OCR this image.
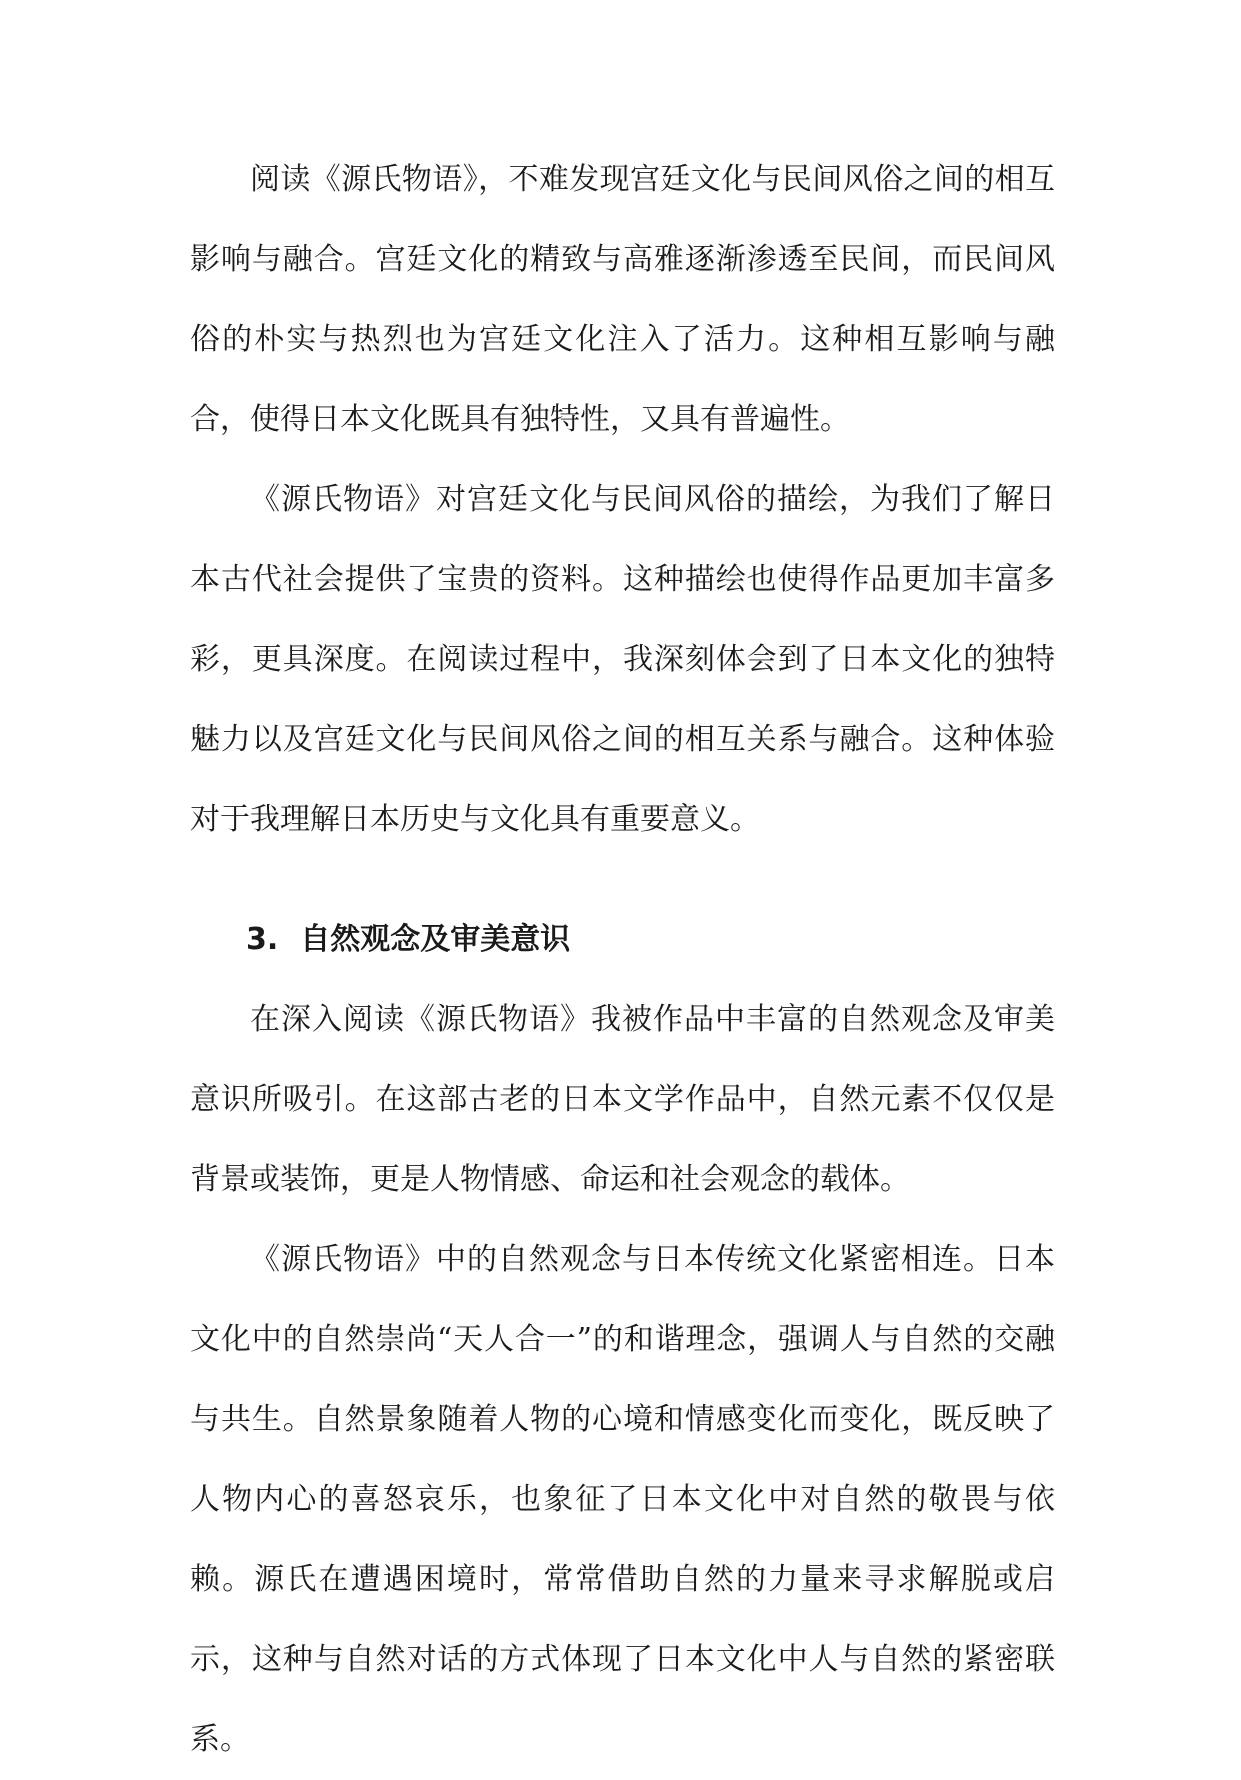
阅读《源氏物语》，不难发现宫廷文化与民间风俗之间的相互影响与融合。宫廷文化的精致与高雅逐渐渗透至民间，而民间风俗的朴实与热烈也为宫廷文化注入了活力。这种相互影响与融合，使得日本文化既具有独特性，又具有普遍性。

《源氏物语》对宫廷文化与民间风俗的描绘，为我们了解日本古代社会提供了宝贵的资料。这种描绘也使得作品更加丰富多彩，更具深度。在阅读过程中，我深刻体会到了日本文化的独特魅力以及宫廷文化与民间风俗之间的相互关系与融合。这种体验对于我理解日本历史与文化具有重要意义。

3. 自然观念及审美意识

在深入阅读《源氏物语》我被作品中丰富的自然观念及审美意识所吸引。在这部古老的日本文学作品中，自然元素不仅仅是背景或装饰，更是人物情感、命运和社会观念的载体。

《源氏物语》中的自然观念与日本传统文化紧密相连。日本文化中的自然崇尚“天人合一”的和谐理念，强调人与自然的交融与共生。自然景象随着人物的心境和情感变化而变化，既反映了人物内心的喜怒哀乐，也象征了日本文化中对自然的敬畏与依赖。源氏在遭遇困境时，常常借助自然的力量来寻求解脱或启示，这种与自然对话的方式体现了日本文化中人与自然的紧密联系。
